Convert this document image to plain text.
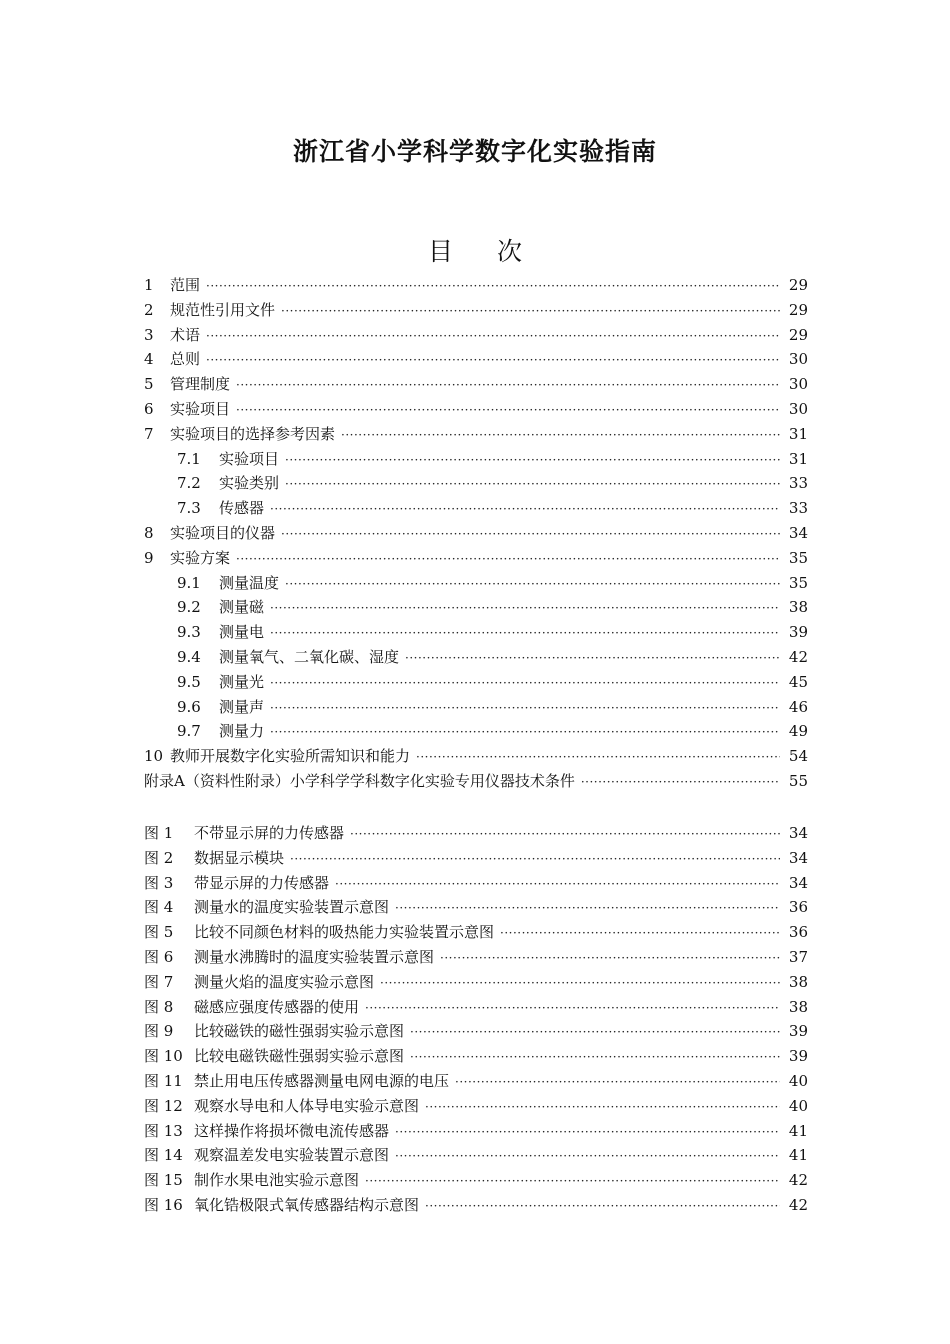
浙江省小学科学数字化实验指南
目 次
1	范围 ·····	29
2	规范性引用文件 ·····	29
3	术语 ·····	29
4	总则 ·····	30
5	管理制度 ·····	30
6	实验项目 ·····	30
7	实验项目的选择参考因素 ·····	31
7.1	实验项目 ·····	31
7.2	实验类别 ·····	33
7.3	传感器 ·····	33
8	实验项目的仪器 ·····	34
9	实验方案 ·····	35
9.1	测量温度 ·····	35
9.2	测量磁 ·····	38
9.3	测量电 ·····	39
9.4	测量氧气、二氧化碳、湿度 ·····	42
9.5	测量光 ·····	45
9.6	测量声 ·····	46
9.7	测量力 ·····	49
10 教师开展数字化实验所需知识和能力 ·····	54
附录A（资料性附录）小学科学学科数字化实验专用仪器技术条件 ·····	55
图 1	不带显示屏的力传感器 ·····	34
图 2	数据显示模块 ·····	34
图 3	带显示屏的力传感器 ·····	34
图 4	测量水的温度实验装置示意图 ·····	36
图 5	比较不同颜色材料的吸热能力实验装置示意图 ·····	36
图 6	测量水沸腾时的温度实验装置示意图 ·····	37
图 7	测量火焰的温度实验示意图 ·····	38
图 8	磁感应强度传感器的使用 ·····	38
图 9	比较磁铁的磁性强弱实验示意图 ·····	39
图 10 比较电磁铁磁性强弱实验示意图 ·····	39
图 11 禁止用电压传感器测量电网电源的电压 ·····	40
图 12 观察水导电和人体导电实验示意图 ·····	40
图 13 这样操作将损坏微电流传感器 ·····	41
图 14 观察温差发电实验装置示意图 ·····	41
图 15 制作水果电池实验示意图 ·····	42
图 16 氧化锆极限式氧传感器结构示意图 ·····	42
